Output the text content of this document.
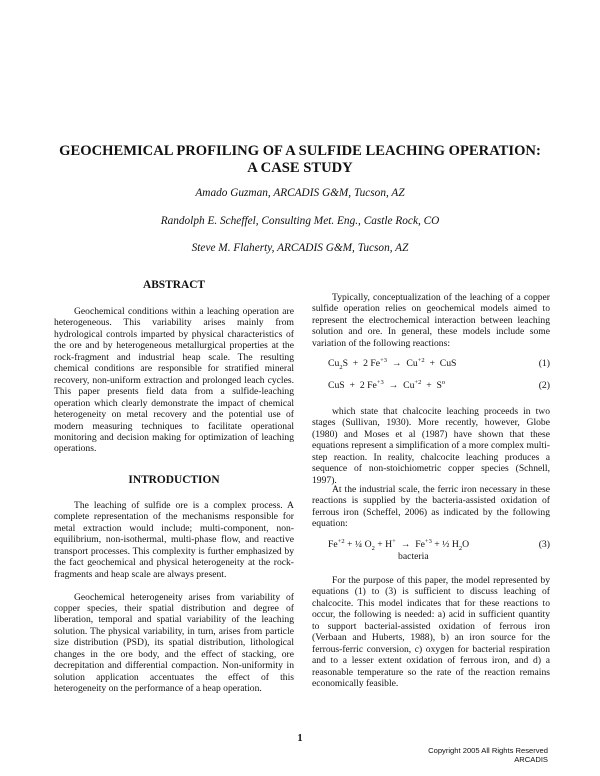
GEOCHEMICAL PROFILING OF A SULFIDE LEACHING OPERATION:
A CASE STUDY

Amado Guzman, ARCADIS G&M, Tucson, AZ

Randolph E. Scheffel, Consulting Met. Eng., Castle Rock, CO

Steve M. Flaherty, ARCADIS G&M, Tucson, AZ

ABSTRACT

Geochemical conditions within a leaching operation are heterogeneous. This variability arises mainly from hydrological controls imparted by physical characteristics of the ore and by heterogeneous metallurgical properties at the rock-fragment and industrial heap scale. The resulting chemical conditions are responsible for stratified mineral recovery, non-uniform extraction and prolonged leach cycles. This paper presents field data from a sulfide-leaching operation which clearly demonstrate the impact of chemical heterogeneity on metal recovery and the potential use of modern measuring techniques to facilitate operational monitoring and decision making for optimization of leaching operations.

INTRODUCTION

The leaching of sulfide ore is a complex process. A complete representation of the mechanisms responsible for metal extraction would include; multi-component, non-equilibrium, non-isothermal, multi-phase flow, and reactive transport processes. This complexity is further emphasized by the fact geochemical and physical heterogeneity at the rock-fragments and heap scale are always present.

Geochemical heterogeneity arises from variability of copper species, their spatial distribution and degree of liberation, temporal and spatial variability of the leaching solution. The physical variability, in turn, arises from particle size distribution (PSD), its spatial distribution, lithological changes in the ore body, and the effect of stacking, ore decrepitation and differential compaction. Non-uniformity in solution application accentuates the effect of this heterogeneity on the performance of a heap operation.

Typically, conceptualization of the leaching of a copper sulfide operation relies on geochemical models aimed to represent the electrochemical interaction between leaching solution and ore. In general, these models include some variation of the following reactions:

$Cu_2S + 2$ $Fe^{+3} \to Cu^{+2}$  +  CuS	(1)
CuS  +  2 $Fe^{+3} \to Cu^{+2} + S^o$	(2)

which state that chalcocite leaching proceeds in two stages (Sullivan, 1930). More recently, however, Globe (1980) and Moses et al (1987) have shown that these equations represent a simplification of a more complex multi-step reaction. In reality, chalcocite leaching produces a sequence of non-stoichiometric copper species (Schnell, 1997).

At the industrial scale, the ferric iron necessary in these reactions is supplied by the bacteria-assisted oxidation of ferrous iron (Scheffel, 2006) as indicated by the following equation:

$Fe^{+2}$ + ¼ $O_2 + H^+ \to Fe^{+3}$ + ½ $H_2O$
bacteria
(3)

For the purpose of this paper, the model represented by equations (1) to (3) is sufficient to discuss leaching of chalcocite. This model indicates that for these reactions to occur, the following is needed: a) acid in sufficient quantity to support bacterial-assisted oxidation of ferrous iron (Verbaan and Huberts, 1988), b) an iron source for the ferrous-ferric conversion, c) oxygen for bacterial respiration and to a lesser extent oxidation of ferrous iron, and d) a reasonable temperature so the rate of the reaction remains economically feasible.

1
Copyright 2005 All Rights Reserved
ARCADIS
